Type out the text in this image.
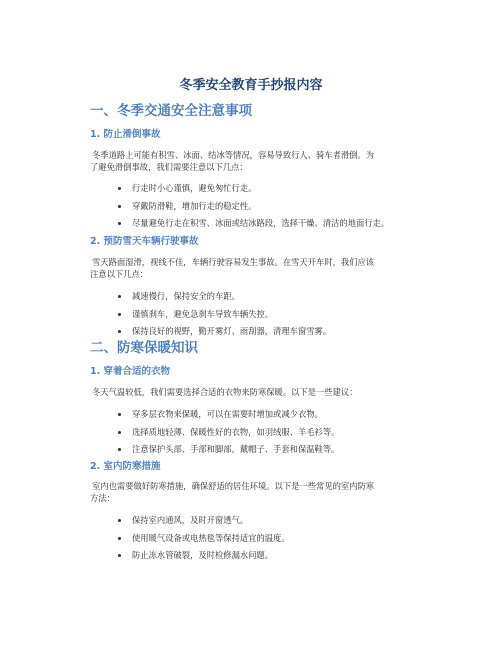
冬季安全教育手抄报内容
一、冬季交通安全注意事项
1. 防止滑倒事故
冬季道路上可能有积雪、冰面、结冰等情况，容易导致行人、骑车者滑倒。为
了避免滑倒事故，我们需要注意以下几点：
行走时小心谨慎，避免匆忙行走。
穿戴防滑鞋，增加行走的稳定性。
尽量避免行走在积雪、冰面或结冰路段，选择干燥、清洁的地面行走。
2. 预防雪天车辆行驶事故
雪天路面湿滑，视线不佳，车辆行驶容易发生事故。在雪天开车时，我们应该
注意以下几点：
减速慢行，保持安全的车距。
谨慎刹车，避免急刹车导致车辆失控。
保持良好的视野，勤开雾灯、雨刮器，清理车窗雪雾。
二、防寒保暖知识
1. 穿着合适的衣物
冬天气温较低，我们需要选择合适的衣物来防寒保暖。以下是一些建议：
穿多层衣物来保暖，可以在需要时增加或减少衣物。
选择质地轻薄、保暖性好的衣物，如羽绒服、羊毛衫等。
注意保护头部、手部和脚部，戴帽子、手套和保温鞋等。
2. 室内防寒措施
室内也需要做好防寒措施，确保舒适的居住环境。以下是一些常见的室内防寒
方法：
保持室内通风，及时开窗透气。
使用暖气设备或电热毯等保持适宜的温度。
防止冻水管破裂，及时检修漏水问题。
